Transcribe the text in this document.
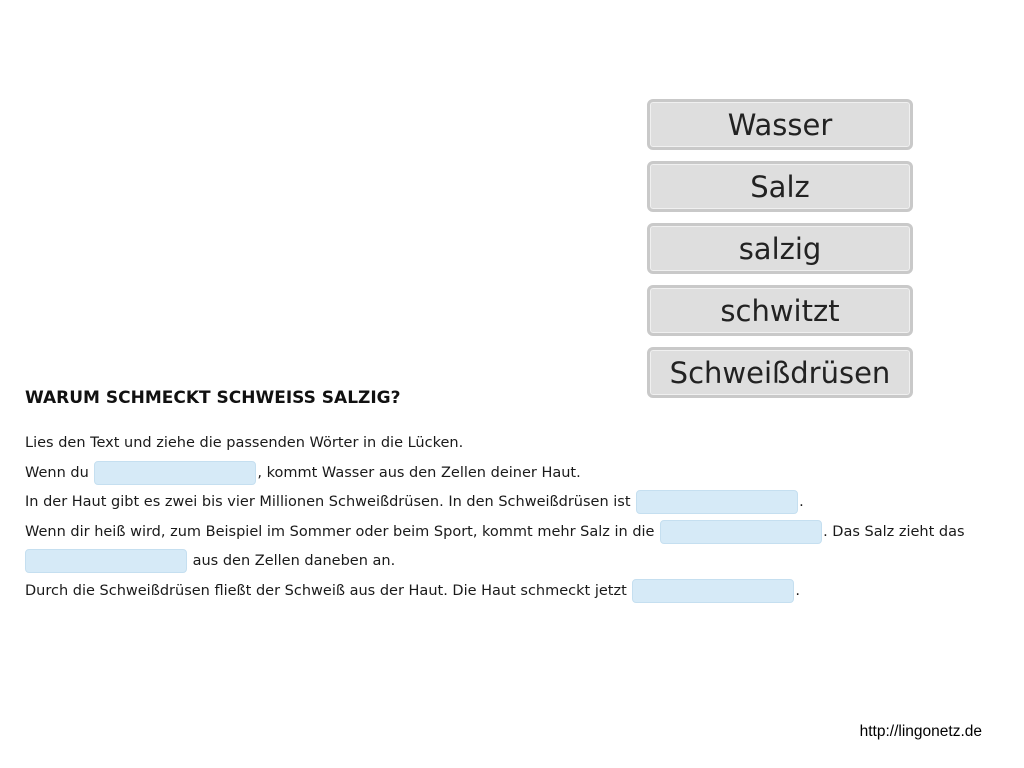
Wasser
Salz
salzig
schwitzt
Schweißdrüsen
WARUM SCHMECKT SCHWEISS SALZIG?
Lies den Text und ziehe die passenden Wörter in die Lücken.
Wenn du	, kommt Wasser aus den Zellen deiner Haut.
In der Haut gibt es zwei bis vier Millionen Schweißdrüsen. In den Schweißdrüsen ist	.
Wenn dir heiß wird, zum Beispiel im Sommer oder beim Sport, kommt mehr Salz in die	. Das Salz zieht das
aus den Zellen daneben an.
Durch die Schweißdrüsen fließt der Schweiß aus der Haut. Die Haut schmeckt jetzt	.
http://lingonetz.de
